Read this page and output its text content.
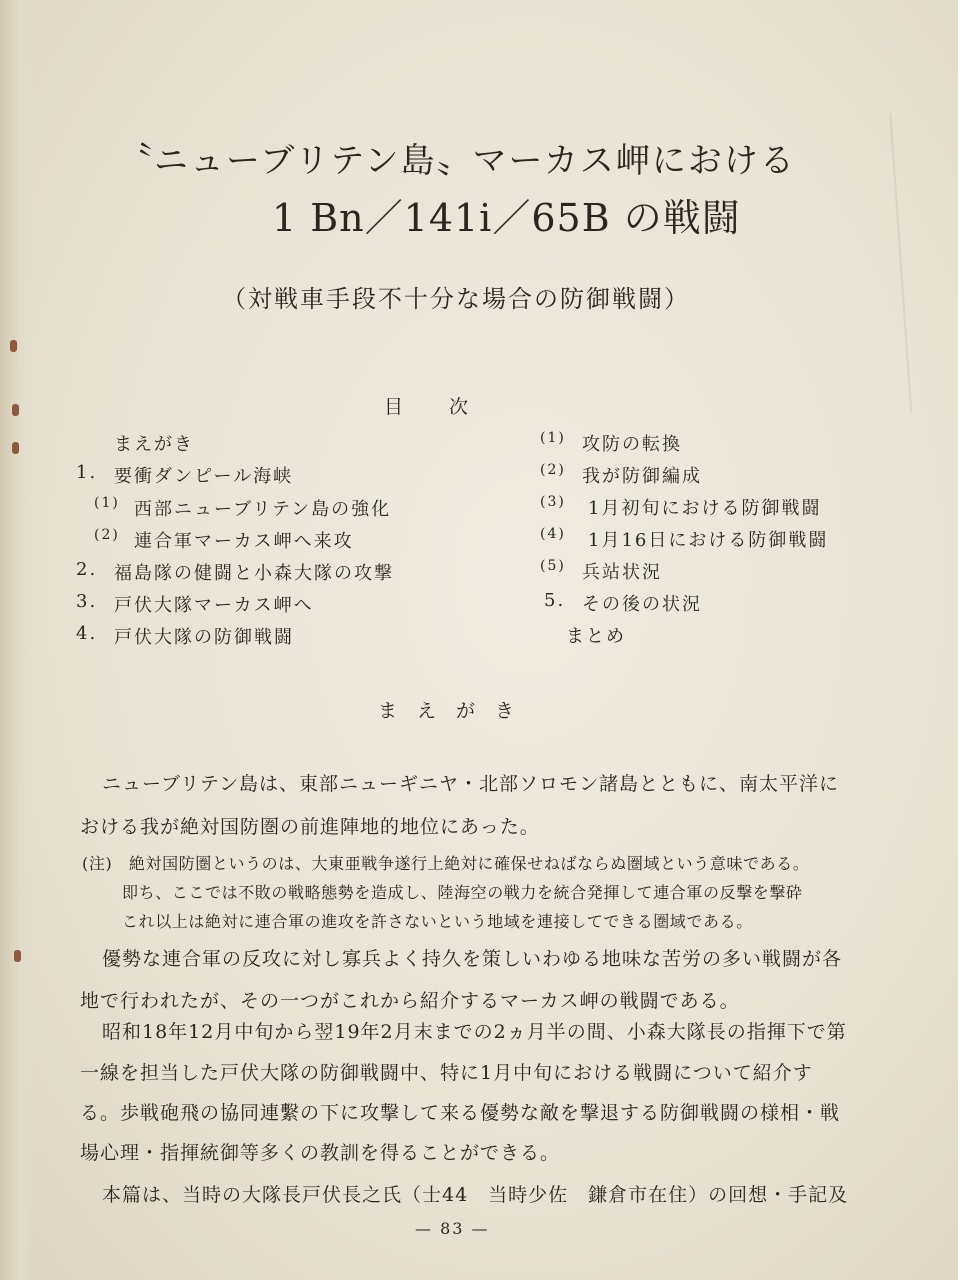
〝ニューブリテン島〟マーカス岬における
1 Bn／141i／65B の戦闘
（対戦車手段不十分な場合の防御戦闘）
目次
まえがき
1. 要衝ダンピール海峡
(1) 西部ニューブリテン島の強化
(2) 連合軍マーカス岬へ来攻
2. 福島隊の健闘と小森大隊の攻撃
3. 戸伏大隊マーカス岬へ
4. 戸伏大隊の防御戦闘
(1) 攻防の転換
(2) 我が防御編成
(3) 1月初旬における防御戦闘
(4) 1月16日における防御戦闘
(5) 兵站状況
5. その後の状況
まとめ
まえがき
ニューブリテン島は、東部ニューギニヤ・北部ソロモン諸島とともに、南太平洋に
おける我が絶対国防圏の前進陣地的地位にあった。
(注)　絶対国防圏というのは、大東亜戦争遂行上絶対に確保せねばならぬ圏域という意味である。
即ち、ここでは不敗の戦略態勢を造成し、陸海空の戦力を統合発揮して連合軍の反撃を撃砕
これ以上は絶対に連合軍の進攻を許さないという地域を連接してできる圏域である。
優勢な連合軍の反攻に対し寡兵よく持久を策しいわゆる地味な苦労の多い戦闘が各
地で行われたが、その一つがこれから紹介するマーカス岬の戦闘である。
昭和18年12月中旬から翌19年2月末までの2ヵ月半の間、小森大隊長の指揮下で第
一線を担当した戸伏大隊の防御戦闘中、特に1月中旬における戦闘について紹介す
る。歩戦砲飛の協同連繫の下に攻撃して来る優勢な敵を撃退する防御戦闘の様相・戦
場心理・指揮統御等多くの教訓を得ることができる。
本篇は、当時の大隊長戸伏長之氏（士44　当時少佐　鎌倉市在住）の回想・手記及
— 83 —
